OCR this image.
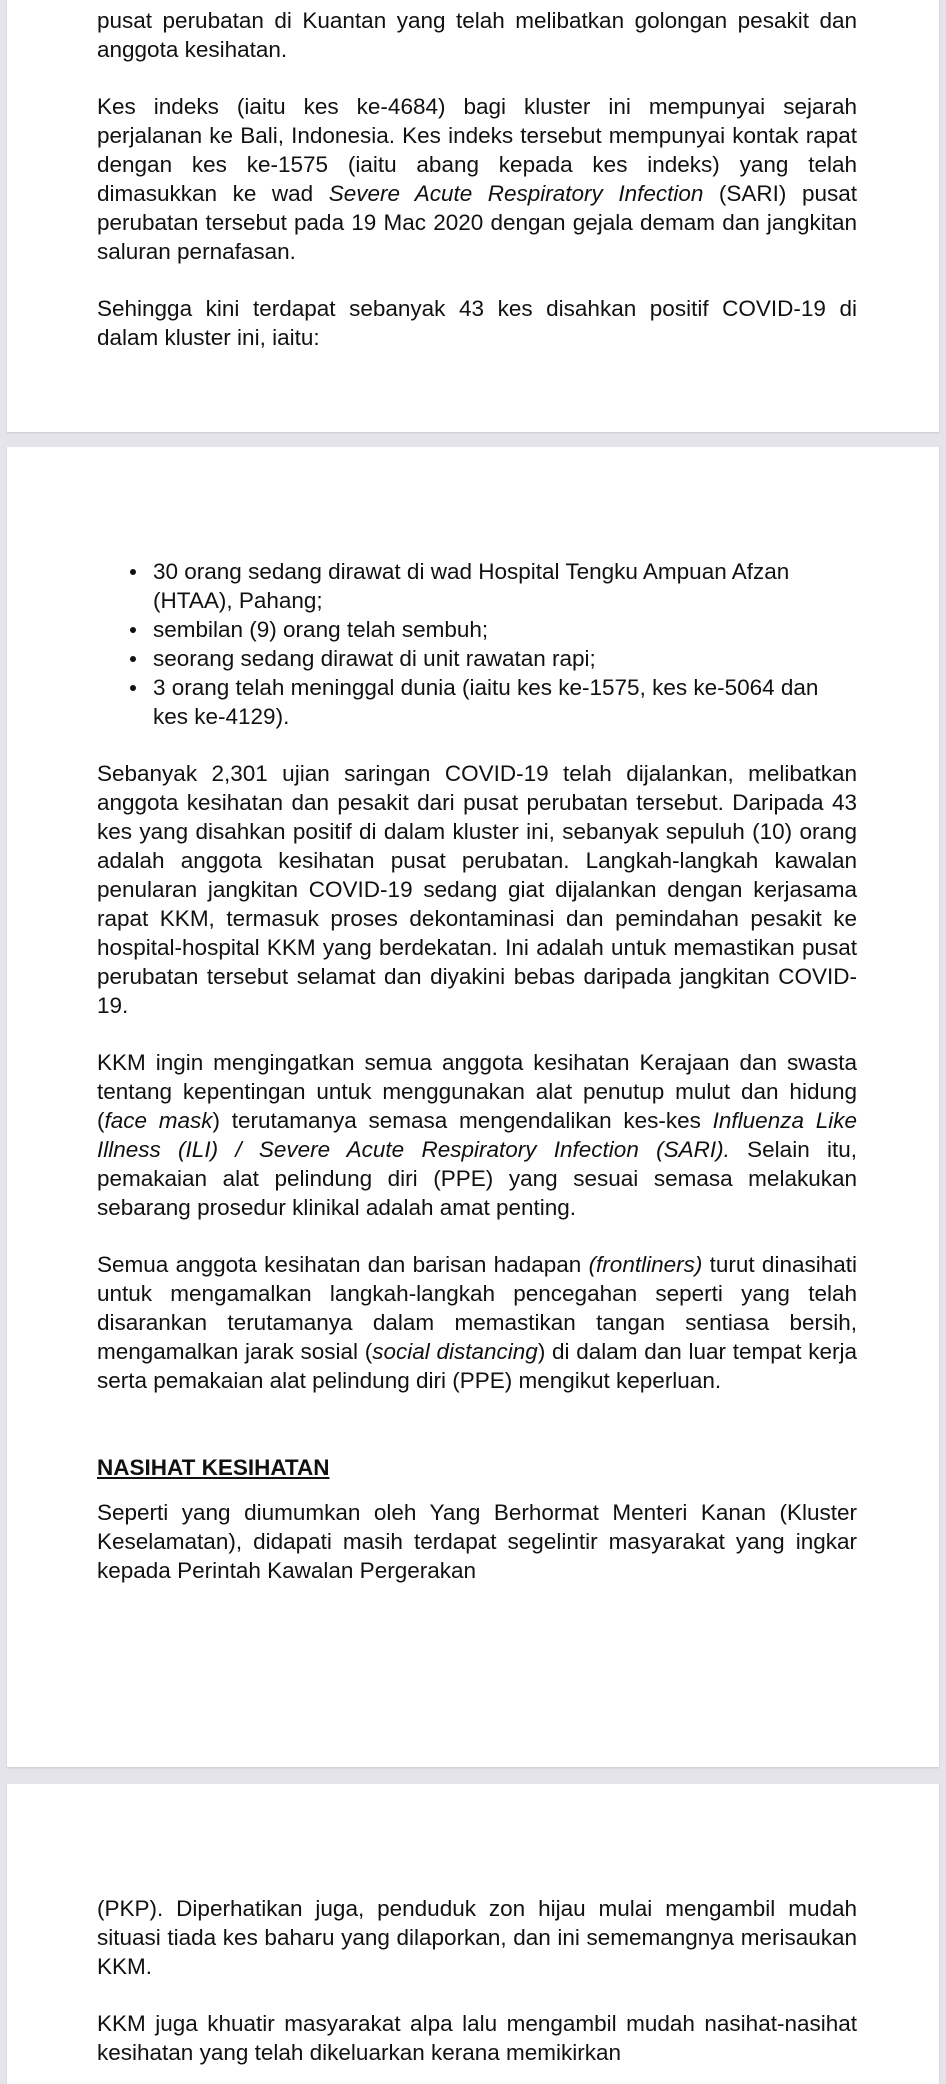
pusat perubatan di Kuantan yang telah melibatkan golongan pesakit dan anggota kesihatan.

Kes indeks (iaitu kes ke-4684) bagi kluster ini mempunyai sejarah perjalanan ke Bali, Indonesia. Kes indeks tersebut mempunyai kontak rapat dengan kes ke-1575 (iaitu abang kepada kes indeks) yang telah dimasukkan ke wad Severe Acute Respiratory Infection (SARI) pusat perubatan tersebut pada 19 Mac 2020 dengan gejala demam dan jangkitan saluran pernafasan.

Sehingga kini terdapat sebanyak 43 kes disahkan positif COVID-19 di dalam kluster ini, iaitu:

30 orang sedang dirawat di wad Hospital Tengku Ampuan Afzan (HTAA), Pahang;
sembilan (9) orang telah sembuh;
seorang sedang dirawat di unit rawatan rapi;
3 orang telah meninggal dunia (iaitu kes ke-1575, kes ke-5064 dan kes ke-4129).

Sebanyak 2,301 ujian saringan COVID-19 telah dijalankan, melibatkan anggota kesihatan dan pesakit dari pusat perubatan tersebut. Daripada 43 kes yang disahkan positif di dalam kluster ini, sebanyak sepuluh (10) orang adalah anggota kesihatan pusat perubatan. Langkah-langkah kawalan penularan jangkitan COVID-19 sedang giat dijalankan dengan kerjasama rapat KKM, termasuk proses dekontaminasi dan pemindahan pesakit ke hospital-hospital KKM yang berdekatan. Ini adalah untuk memastikan pusat perubatan tersebut selamat dan diyakini bebas daripada jangkitan COVID-19.

KKM ingin mengingatkan semua anggota kesihatan Kerajaan dan swasta tentang kepentingan untuk menggunakan alat penutup mulut dan hidung (face mask) terutamanya semasa mengendalikan kes-kes Influenza Like Illness (ILI) / Severe Acute Respiratory Infection (SARI). Selain itu, pemakaian alat pelindung diri (PPE) yang sesuai semasa melakukan sebarang prosedur klinikal adalah amat penting.

Semua anggota kesihatan dan barisan hadapan (frontliners) turut dinasihati untuk mengamalkan langkah-langkah pencegahan seperti yang telah disarankan terutamanya dalam memastikan tangan sentiasa bersih, mengamalkan jarak sosial (social distancing) di dalam dan luar tempat kerja serta pemakaian alat pelindung diri (PPE) mengikut keperluan.

NASIHAT KESIHATAN

Seperti yang diumumkan oleh Yang Berhormat Menteri Kanan (Kluster Keselamatan), didapati masih terdapat segelintir masyarakat yang ingkar kepada Perintah Kawalan Pergerakan

(PKP). Diperhatikan juga, penduduk zon hijau mulai mengambil mudah situasi tiada kes baharu yang dilaporkan, dan ini sememangnya merisaukan KKM.

KKM juga khuatir masyarakat alpa lalu mengambil mudah nasihat-nasihat kesihatan yang telah dikeluarkan kerana memikirkan
